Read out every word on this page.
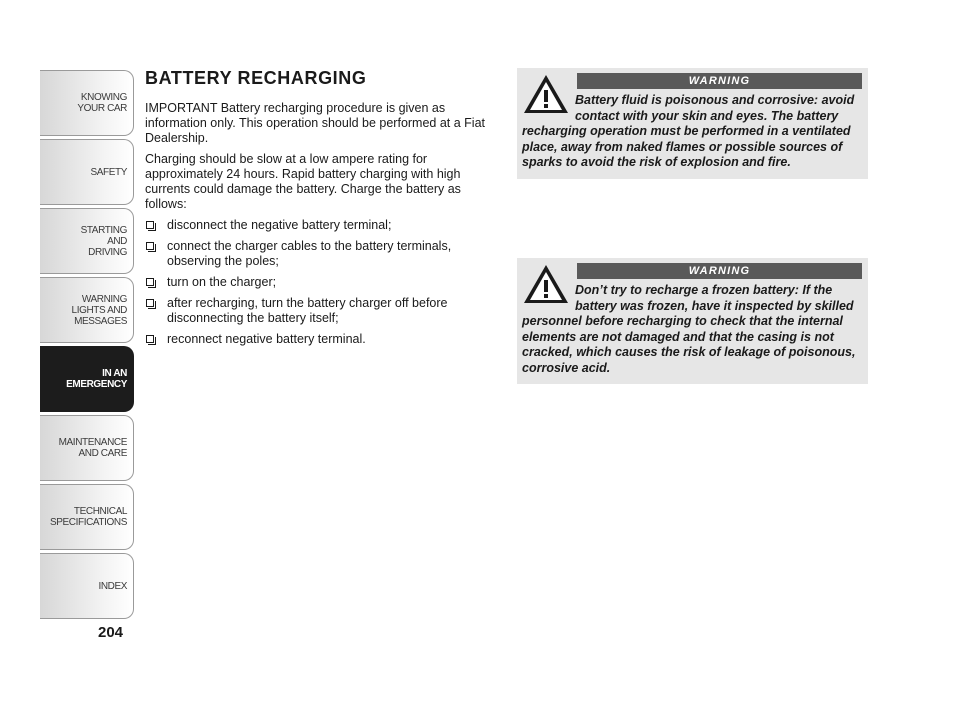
KNOWING
YOUR CAR
SAFETY
STARTING
AND
DRIVING
WARNING
LIGHTS AND
MESSAGES
IN AN
EMERGENCY
MAINTENANCE
AND CARE
TECHNICAL
SPECIFICATIONS
INDEX
204
BATTERY RECHARGING

IMPORTANT Battery recharging procedure is given as information only. This operation should be performed at a Fiat Dealership.

Charging should be slow at a low ampere rating for approximately 24 hours. Rapid battery charging with high currents could damage the battery. Charge the battery as follows:

disconnect the negative battery terminal;
connect the charger cables to the battery terminals, observing the poles;
turn on the charger;
after recharging, turn the battery charger off before disconnecting the battery itself;
reconnect negative battery terminal.
WARNING

Battery fluid is poisonous and corrosive: avoid contact with your skin and eyes. The battery recharging operation must be performed in a ventilated place, away from naked flames or possible sources of sparks to avoid the risk of explosion and fire.

WARNING

Don’t try to recharge a frozen battery: If the battery was frozen, have it inspected by skilled personnel before recharging to check that the internal elements are not damaged and that the casing is not cracked, which causes the risk of leakage of poisonous, corrosive acid.
